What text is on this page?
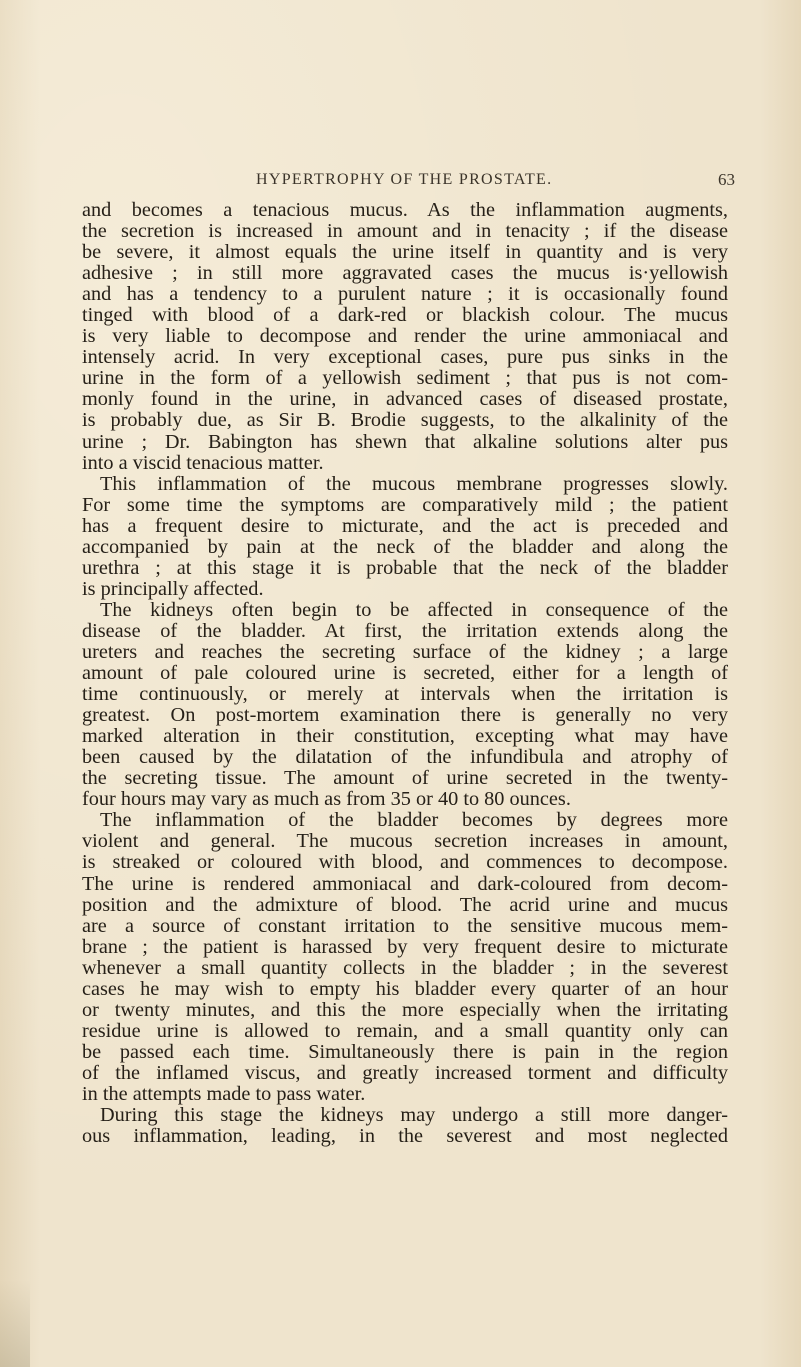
HYPERTROPHY OF THE PROSTATE.	63
and becomes a tenacious mucus. As the inflammation augments,
the secretion is increased in amount and in tenacity ; if the disease
be severe, it almost equals the urine itself in quantity and is very
adhesive ; in still more aggravated cases the mucus is·yellowish
and has a tendency to a purulent nature ; it is occasionally found
tinged with blood of a dark-red or blackish colour. The mucus
is very liable to decompose and render the urine ammoniacal and
intensely acrid. In very exceptional cases, pure pus sinks in the
urine in the form of a yellowish sediment ; that pus is not com-
monly found in the urine, in advanced cases of diseased prostate,
is probably due, as Sir B. Brodie suggests, to the alkalinity of the
urine ; Dr. Babington has shewn that alkaline solutions alter pus
into a viscid tenacious matter.
This inflammation of the mucous membrane progresses slowly.
For some time the symptoms are comparatively mild ; the patient
has a frequent desire to micturate, and the act is preceded and
accompanied by pain at the neck of the bladder and along the
urethra ; at this stage it is probable that the neck of the bladder
is principally affected.
The kidneys often begin to be affected in consequence of the
disease of the bladder. At first, the irritation extends along the
ureters and reaches the secreting surface of the kidney ; a large
amount of pale coloured urine is secreted, either for a length of
time continuously, or merely at intervals when the irritation is
greatest. On post-mortem examination there is generally no very
marked alteration in their constitution, excepting what may have
been caused by the dilatation of the infundibula and atrophy of
the secreting tissue. The amount of urine secreted in the twenty-
four hours may vary as much as from 35 or 40 to 80 ounces.
The inflammation of the bladder becomes by degrees more
violent and general. The mucous secretion increases in amount,
is streaked or coloured with blood, and commences to decompose.
The urine is rendered ammoniacal and dark-coloured from decom-
position and the admixture of blood. The acrid urine and mucus
are a source of constant irritation to the sensitive mucous mem-
brane ; the patient is harassed by very frequent desire to micturate
whenever a small quantity collects in the bladder ; in the severest
cases he may wish to empty his bladder every quarter of an hour
or twenty minutes, and this the more especially when the irritating
residue urine is allowed to remain, and a small quantity only can
be passed each time. Simultaneously there is pain in the region
of the inflamed viscus, and greatly increased torment and difficulty
in the attempts made to pass water.
During this stage the kidneys may undergo a still more danger-
ous inflammation, leading, in the severest and most neglected
